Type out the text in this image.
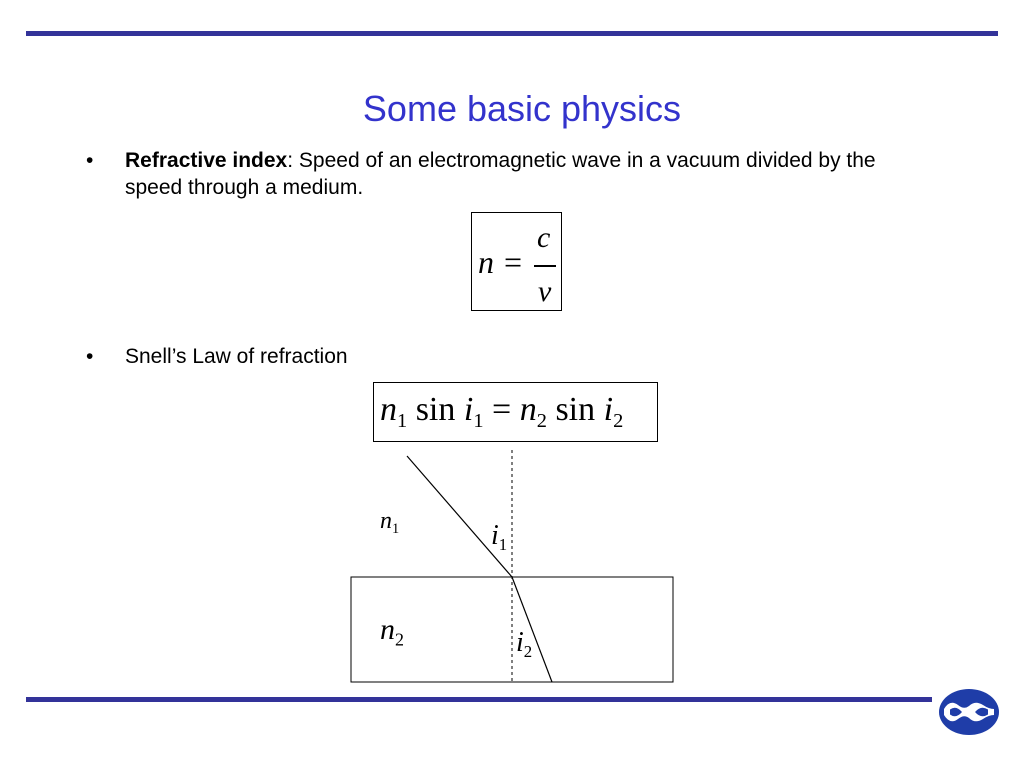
Some basic physics
• Refractive index: Speed of an electromagnetic wave in a vacuum divided by the speed through a medium.
n =
c
v
• Snell’s Law of refraction
$n_1$ $\sin i_1 = n_2$ $\sin i_2$
$n_1$	$i_1$
$n_2$	$i_2$
